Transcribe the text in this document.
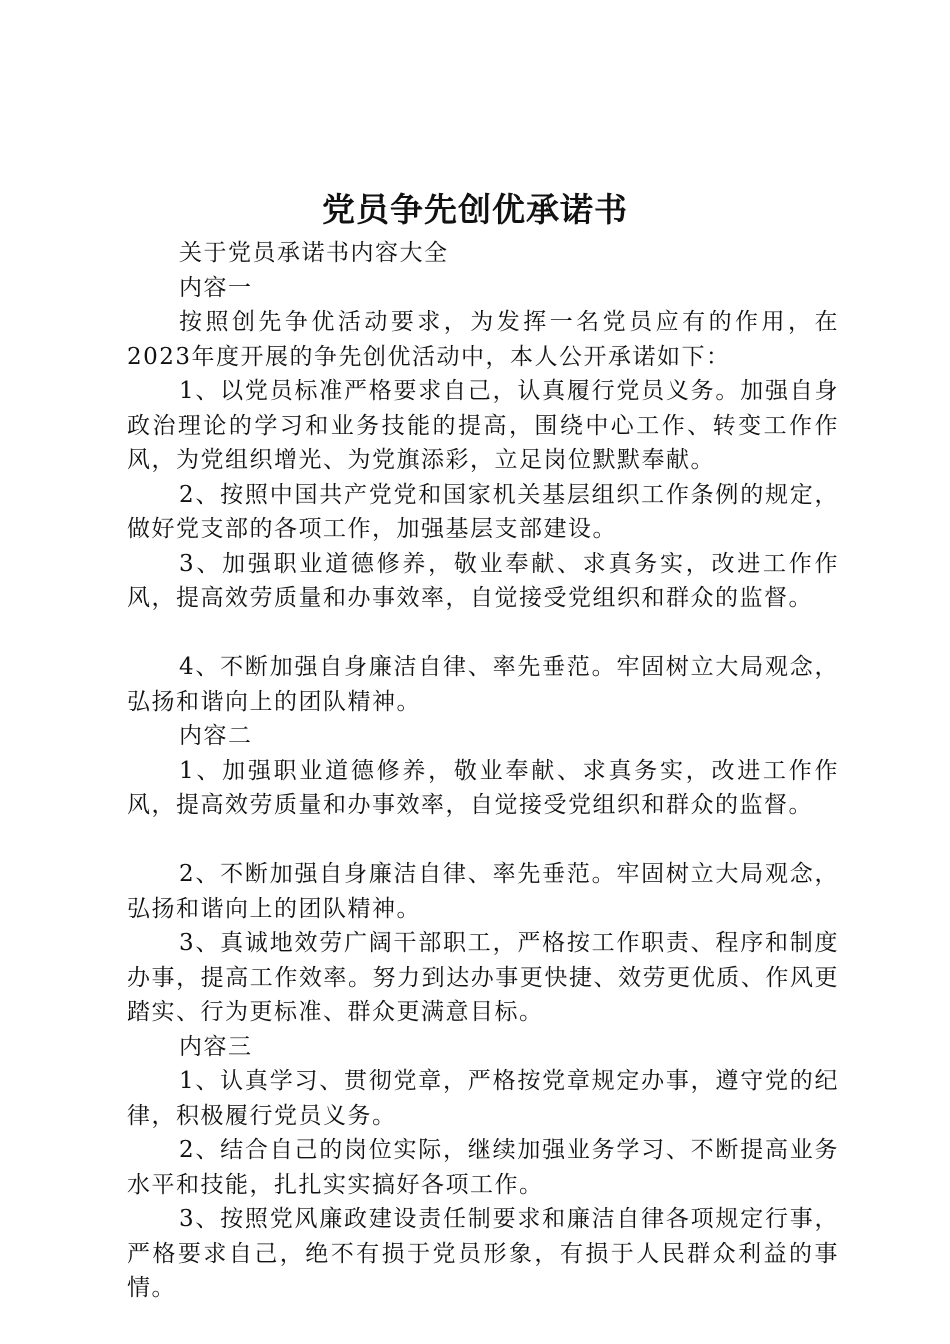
党员争先创优承诺书

关于党员承诺书内容大全

内容一

按照创先争优活动要求，为发挥一名党员应有的作用，在2023年度开展的争先创优活动中，本人公开承诺如下：

1、以党员标准严格要求自己，认真履行党员义务。加强自身政治理论的学习和业务技能的提高，围绕中心工作、转变工作作风，为党组织增光、为党旗添彩，立足岗位默默奉献。

2、按照中国共产党党和国家机关基层组织工作条例的规定，做好党支部的各项工作，加强基层支部建设。

3、加强职业道德修养，敬业奉献、求真务实，改进工作作风，提高效劳质量和办事效率，自觉接受党组织和群众的监督。

4、不断加强自身廉洁自律、率先垂范。牢固树立大局观念，弘扬和谐向上的团队精神。

内容二

1、加强职业道德修养，敬业奉献、求真务实，改进工作作风，提高效劳质量和办事效率，自觉接受党组织和群众的监督。

2、不断加强自身廉洁自律、率先垂范。牢固树立大局观念，弘扬和谐向上的团队精神。

3、真诚地效劳广阔干部职工，严格按工作职责、程序和制度办事，提高工作效率。努力到达办事更快捷、效劳更优质、作风更踏实、行为更标准、群众更满意目标。

内容三

1、认真学习、贯彻党章，严格按党章规定办事，遵守党的纪律，积极履行党员义务。

2、结合自己的岗位实际，继续加强业务学习、不断提高业务水平和技能，扎扎实实搞好各项工作。

3、按照党风廉政建设责任制要求和廉洁自律各项规定行事，严格要求自己，绝不有损于党员形象，有损于人民群众利益的事情。
